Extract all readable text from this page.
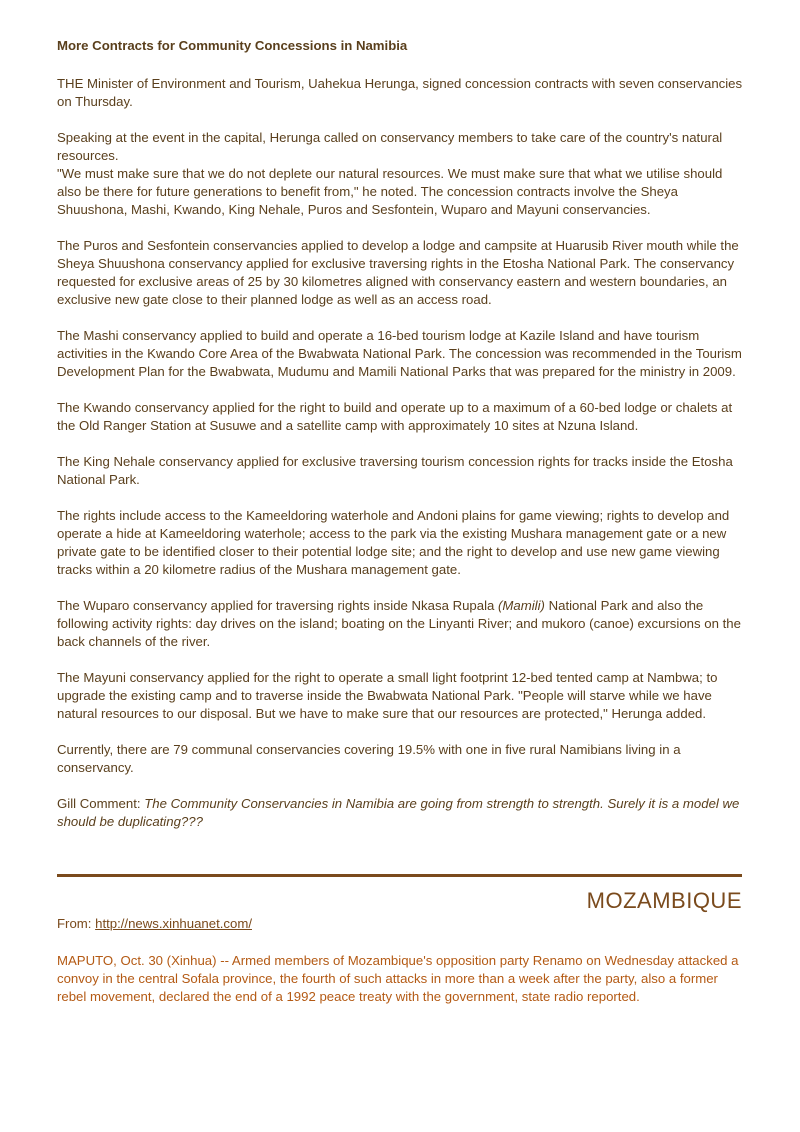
More Contracts for Community Concessions in Namibia
THE Minister of Environment and Tourism, Uahekua Herunga, signed concession contracts with seven conservancies on Thursday.
Speaking at the event in the capital, Herunga called on conservancy members to take care of the country's natural resources.
"We must make sure that we do not deplete our natural resources. We must make sure that what we utilise should also be there for future generations to benefit from," he noted. The concession contracts involve the Sheya Shuushona, Mashi, Kwando, King Nehale, Puros and Sesfontein, Wuparo and Mayuni conservancies.
The Puros and Sesfontein conservancies applied to develop a lodge and campsite at Huarusib River mouth while the Sheya Shuushona conservancy applied for exclusive traversing rights in the Etosha National Park. The conservancy requested for exclusive areas of 25 by 30 kilometres aligned with conservancy eastern and western boundaries, an exclusive new gate close to their planned lodge as well as an access road.
The Mashi conservancy applied to build and operate a 16-bed tourism lodge at Kazile Island and have tourism activities in the Kwando Core Area of the Bwabwata National Park. The concession was recommended in the Tourism Development Plan for the Bwabwata, Mudumu and Mamili National Parks that was prepared for the ministry in 2009.
The Kwando conservancy applied for the right to build and operate up to a maximum of a 60-bed lodge or chalets at the Old Ranger Station at Susuwe and a satellite camp with approximately 10 sites at Nzuna Island.
The King Nehale conservancy applied for exclusive traversing tourism concession rights for tracks inside the Etosha National Park.
The rights include access to the Kameeldoring waterhole and Andoni plains for game viewing; rights to develop and operate a hide at Kameeldoring waterhole; access to the park via the existing Mushara management gate or a new private gate to be identified closer to their potential lodge site; and the right to develop and use new game viewing tracks within a 20 kilometre radius of the Mushara management gate.
The Wuparo conservancy applied for traversing rights inside Nkasa Rupala (Mamili) National Park and also the following activity rights: day drives on the island; boating on the Linyanti River; and mukoro (canoe) excursions on the back channels of the river.
The Mayuni conservancy applied for the right to operate a small light footprint 12-bed tented camp at Nambwa; to upgrade the existing camp and to traverse inside the Bwabwata National Park. "People will starve while we have natural resources to our disposal. But we have to make sure that our resources are protected," Herunga added.
Currently, there are 79 communal conservancies covering 19.5% with one in five rural Namibians living in a conservancy.
Gill Comment: The Community Conservancies in Namibia are going from strength to strength. Surely it is a model we should be duplicating???
MOZAMBIQUE
From: http://news.xinhuanet.com/
MAPUTO, Oct. 30 (Xinhua) -- Armed members of Mozambique's opposition party Renamo on Wednesday attacked a convoy in the central Sofala province, the fourth of such attacks in more than a week after the party, also a former rebel movement, declared the end of a 1992 peace treaty with the government, state radio reported.
